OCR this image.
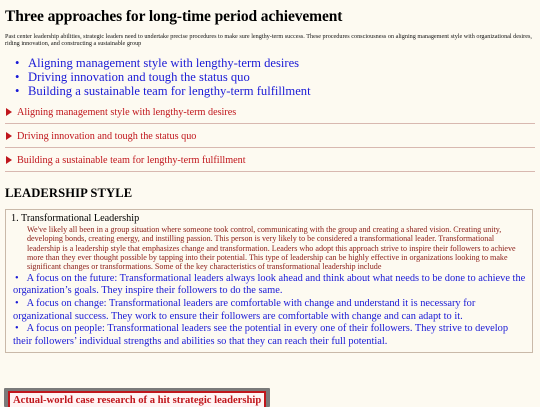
Three approaches for long-time period achievement

Past center leadership abilities, strategic leaders need to undertake precise procedures to make sure lengthy-term success. These procedures consciousness on aligning management style with organizational desires, riding innovation, and constructing a sustainable group

• Aligning management style with lengthy-term desires
• Driving innovation and tough the status quo
• Building a sustainable team for lengthy-term fulfillment
Aligning management style with lengthy-term desires
Driving innovation and tough the status quo
Building a sustainable team for lengthy-term fulfillment
LEADERSHIP STYLE
1. Transformational Leadership
We've likely all been in a group situation where someone took control, communicating with the group and creating a shared vision. Creating unity, developing bonds, creating energy, and instilling passion. This person is very likely to be considered a transformational leader. Transformational leadership is a leadership style that emphasizes change and transformation. Leaders who adopt this approach strive to inspire their followers to achieve more than they ever thought possible by tapping into their potential. This type of leadership can be highly effective in organizations looking to make significant changes or transformations. Some of the key characteristics of transformational leadership include
• A focus on the future: Transformational leaders always look ahead and think about what needs to be done to achieve the organization’s goals. They inspire their followers to do the same.
• A focus on change: Transformational leaders are comfortable with change and understand it is necessary for organizational success. They work to ensure their followers are comfortable with change and can adapt to it.
• A focus on people: Transformational leaders see the potential in every one of their followers. They strive to develop their followers’ individual strengths and abilities so that they can reach their full potential.
Actual-world case research of a hit strategic leadership
